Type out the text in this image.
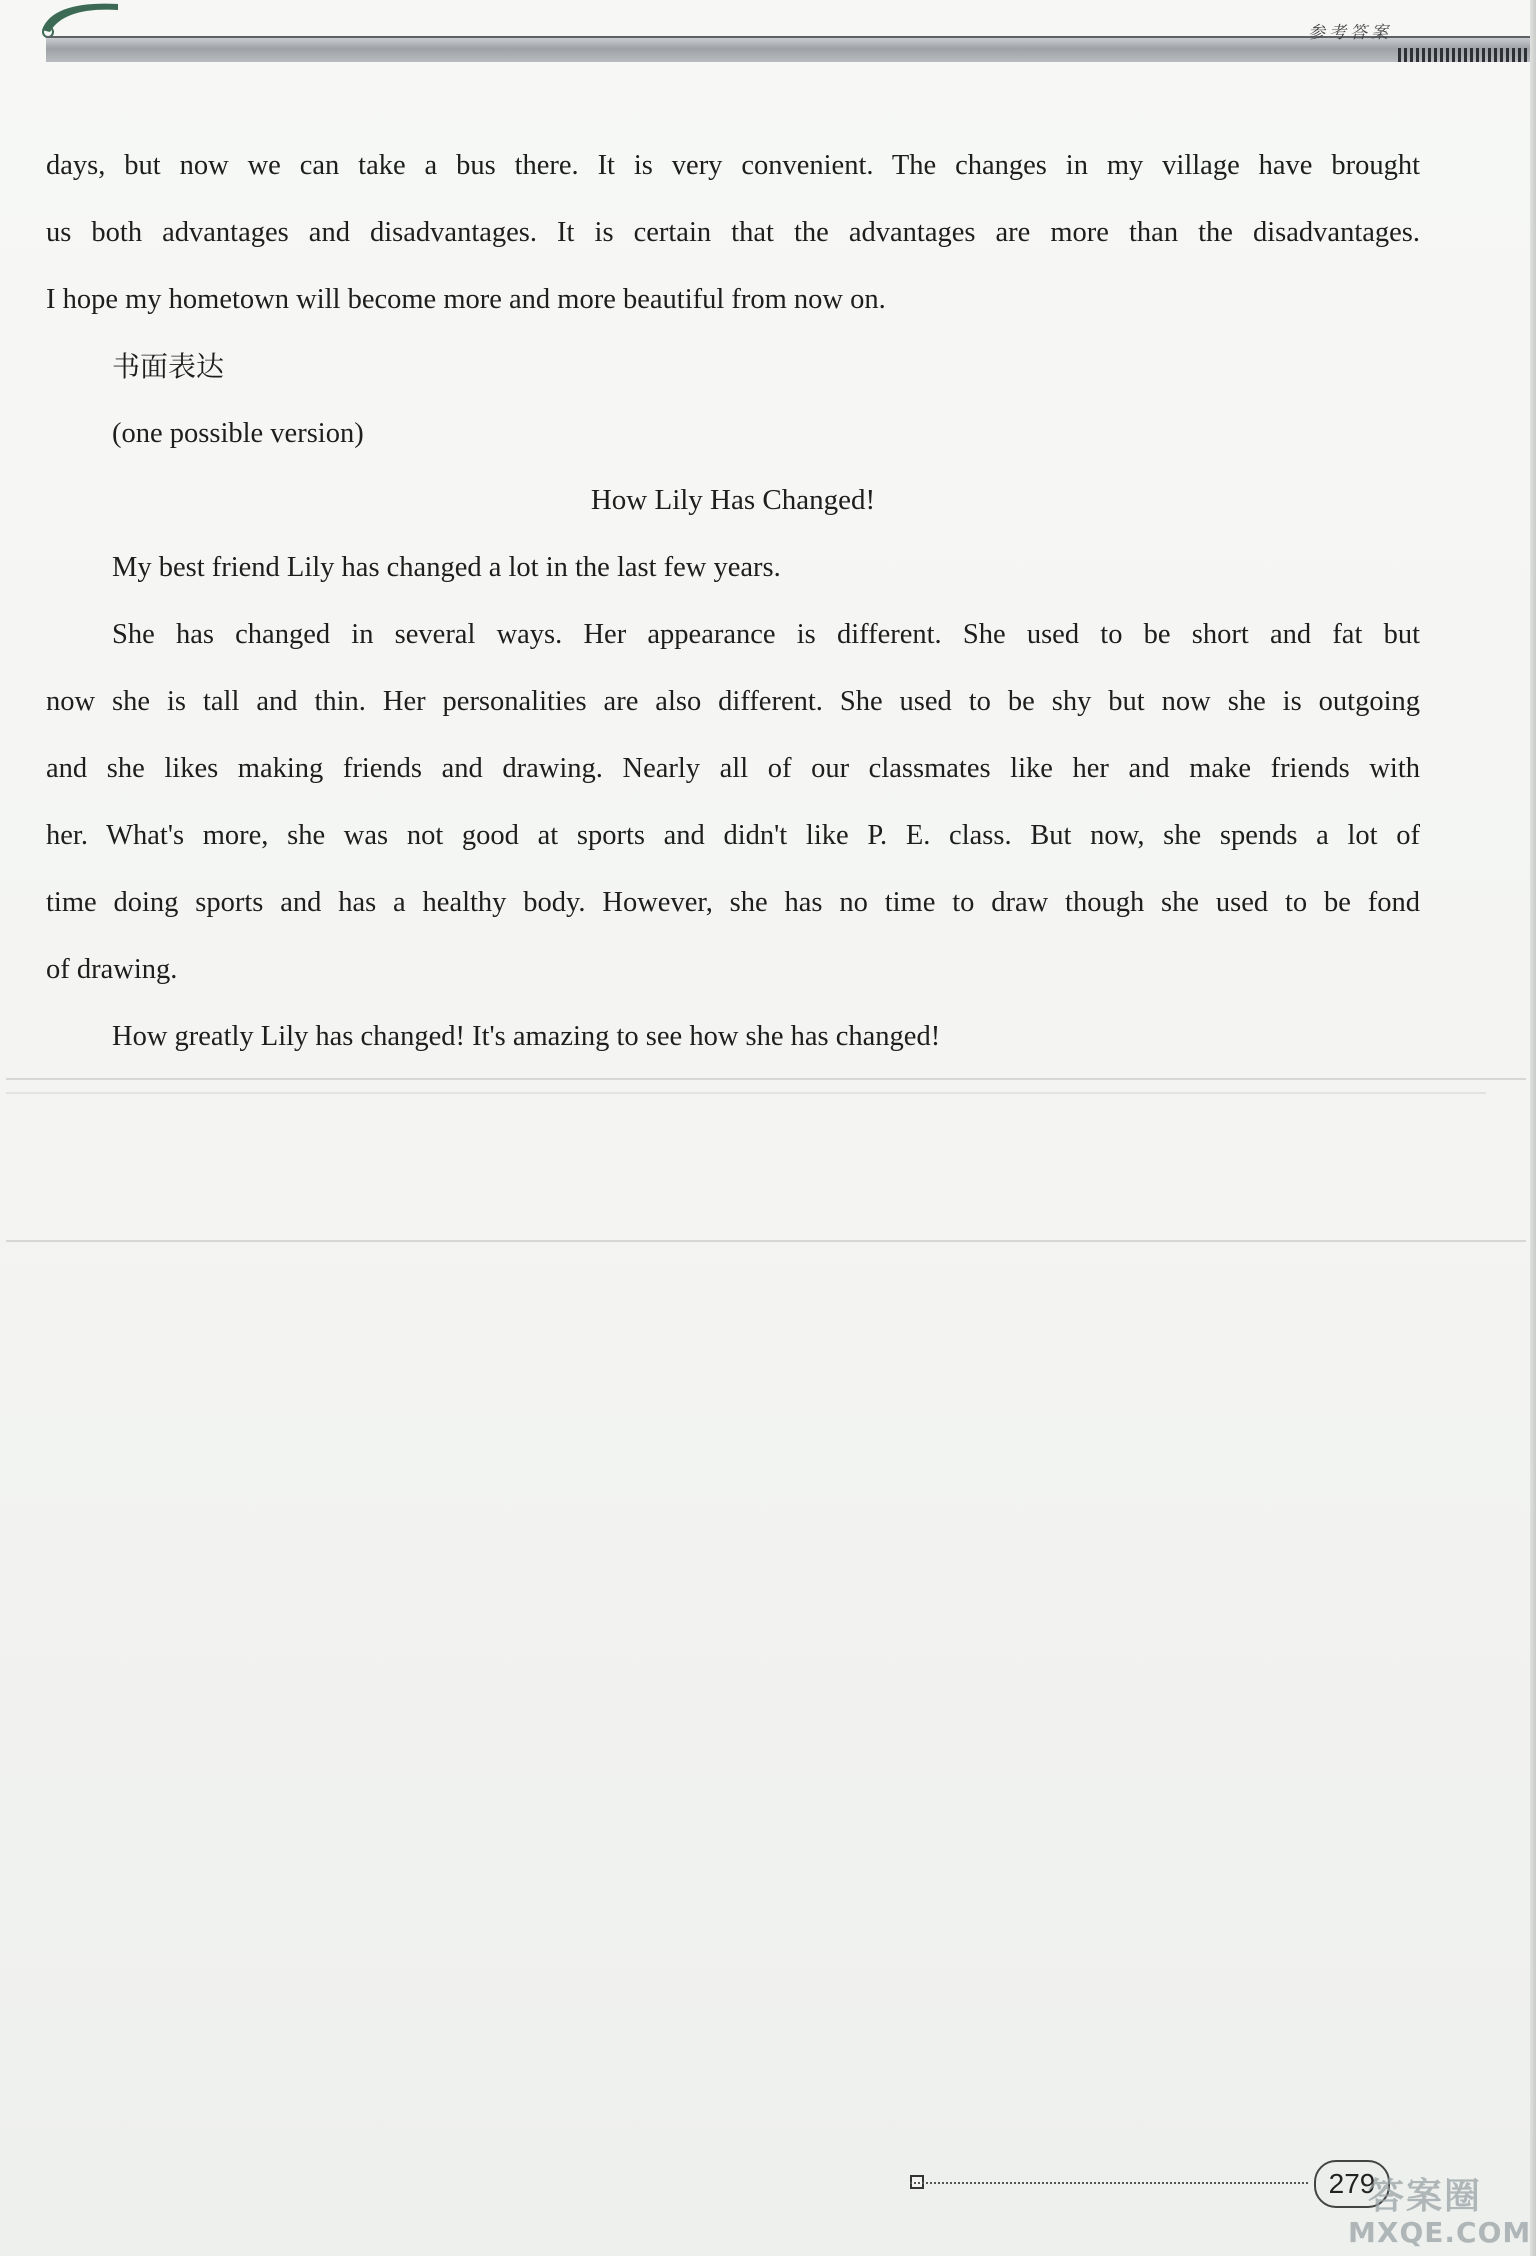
参考答案
days, but now we can take a bus there. It is very convenient. The changes in my village have brought
us both advantages and disadvantages. It is certain that the advantages are more than the disadvantages.
I hope my hometown will become more and more beautiful from now on.
书面表达
(one possible version)
How Lily Has Changed!
My best friend Lily has changed a lot in the last few years.
She has changed in several ways. Her appearance is different. She used to be short and fat but
now she is tall and thin. Her personalities are also different. She used to be shy but now she is outgoing
and she likes making friends and drawing. Nearly all of our classmates like her and make friends with
her. What's more, she was not good at sports and didn't like P. E. class. But now, she spends a lot of
time doing sports and has a healthy body. However, she has no time to draw though she used to be fond
of drawing.
How greatly Lily has changed! It's amazing to see how she has changed!
279
答案圈
MXQE.COM
